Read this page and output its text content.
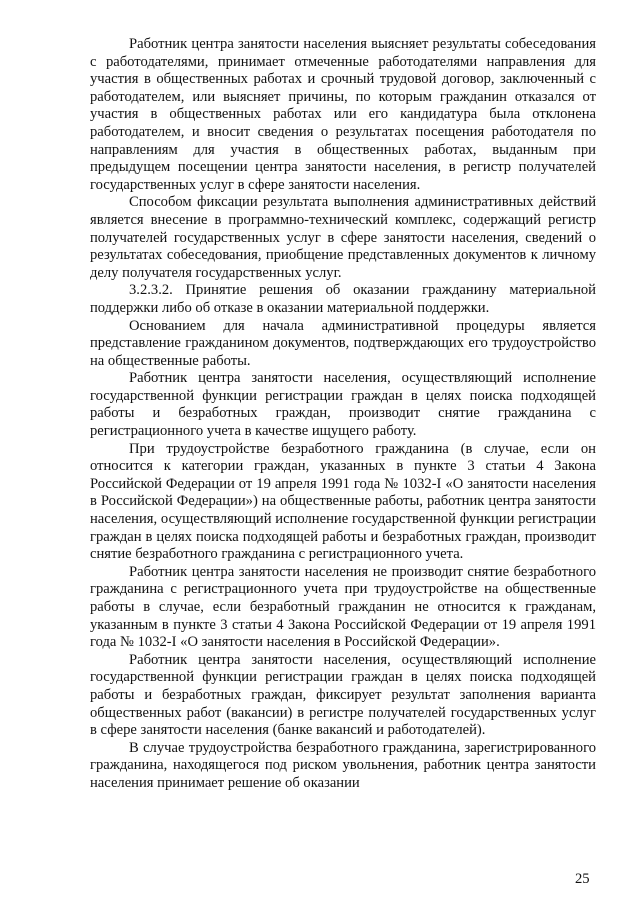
Работник центра занятости населения выясняет результаты собеседования с работодателями, принимает отмеченные работодателями направления для участия в общественных работах и срочный трудовой договор, заключенный с работодателем, или выясняет причины, по которым гражданин отказался от участия в общественных работах или его кандидатура была отклонена работодателем, и вносит сведения о результатах посещения работодателя по направлениям для участия в общественных работах, выданным при предыдущем посещении центра занятости населения, в регистр получателей государственных услуг в сфере занятости населения.

Способом фиксации результата выполнения административных действий является внесение в программно-технический комплекс, содержащий регистр получателей государственных услуг в сфере занятости населения, сведений о результатах собеседования, приобщение представленных документов к личному делу получателя государственных услуг.

3.2.3.2. Принятие решения об оказании гражданину материальной поддержки либо об отказе в оказании материальной поддержки.

Основанием для начала административной процедуры является представление гражданином документов, подтверждающих его трудоустройство на общественные работы.

Работник центра занятости населения, осуществляющий исполнение государственной функции регистрации граждан в целях поиска подходящей работы и безработных граждан, производит снятие гражданина с регистрационного учета в качестве ищущего работу.

При трудоустройстве безработного гражданина (в случае, если он относится к категории граждан, указанных в пункте 3 статьи 4 Закона Российской Федерации от 19 апреля 1991 года № 1032-I «О занятости населения в Российской Федерации») на общественные работы, работник центра занятости населения, осуществляющий исполнение государственной функции регистрации граждан в целях поиска подходящей работы и безработных граждан, производит снятие безработного гражданина с регистрационного учета.

Работник центра занятости населения не производит снятие безработного гражданина с регистрационного учета при трудоустройстве на общественные работы в случае, если безработный гражданин не относится к гражданам, указанным в пункте 3 статьи 4 Закона Российской Федерации от 19 апреля 1991 года № 1032-I «О занятости населения в Российской Федерации».

Работник центра занятости населения, осуществляющий исполнение государственной функции регистрации граждан в целях поиска подходящей работы и безработных граждан, фиксирует результат заполнения варианта общественных работ (вакансии) в регистре получателей государственных услуг в сфере занятости населения (банке вакансий и работодателей).

В случае трудоустройства безработного гражданина, зарегистрированного гражданина, находящегося под риском увольнения, работник центра занятости населения принимает решение об оказании

25
